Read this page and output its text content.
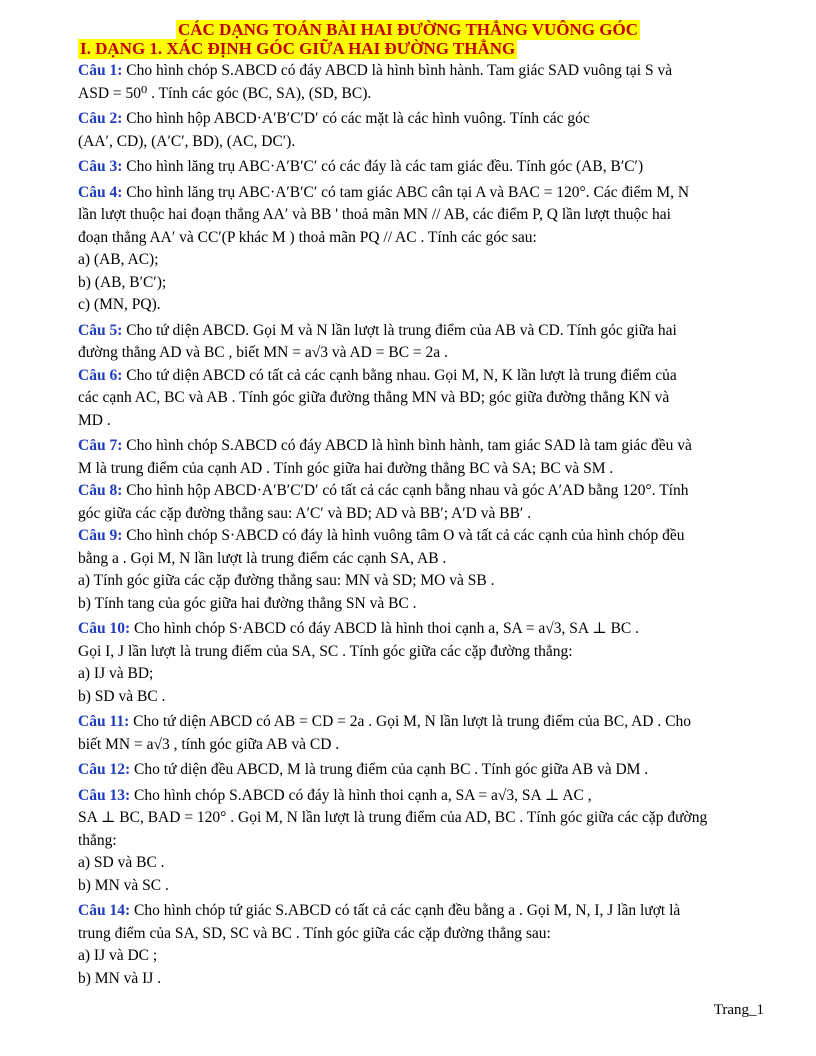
CÁC DẠNG TOÁN BÀI HAI ĐƯỜNG THẲNG VUÔNG GÓC
I. DẠNG 1. XÁC ĐỊNH GÓC GIỮA HAI ĐƯỜNG THẲNG

Câu 1: Cho hình chóp S.ABCD có đáy ABCD là hình bình hành. Tam giác SAD vuông tại S và

ASD = 50⁰ . Tính các góc (BC, SA), (SD, BC).

Câu 2: Cho hình hộp ABCD·A′B′C′D′ có các mặt là các hình vuông. Tính các góc

(AA′, CD), (A′C′, BD), (AC, DC′).

Câu 3: Cho hình lăng trụ ABC·A′B′C′ có các đáy là các tam giác đều. Tính góc (AB, B′C′)

Câu 4: Cho hình lăng trụ ABC·A′B′C′ có tam giác ABC cân tại A và BAC = 120°. Các điểm M, N

lần lượt thuộc hai đoạn thẳng AA′ và BB ' thoả mãn MN // AB, các điểm P, Q lần lượt thuộc hai

đoạn thẳng AA′ và CC′(P khác M ) thoả mãn PQ // AC . Tính các góc sau:

a) (AB, AC);

b) (AB, B′C′);

c) (MN, PQ).

Câu 5: Cho tứ diện ABCD. Gọi M và N lần lượt là trung điểm của AB và CD. Tính góc giữa hai

đường thẳng AD và BC , biết MN = a√3 và AD = BC = 2a .

Câu 6: Cho tứ diện ABCD có tất cả các cạnh bằng nhau. Gọi M, N, K lần lượt là trung điểm của

các cạnh AC, BC và AB . Tính góc giữa đường thẳng MN và BD; góc giữa đường thẳng KN và

MD .

Câu 7: Cho hình chóp S.ABCD có đáy ABCD là hình bình hành, tam giác SAD là tam giác đều và

M là trung điểm của cạnh AD . Tính góc giữa hai đường thẳng BC và SA; BC và SM .

Câu 8: Cho hình hộp ABCD·A′B′C′D′ có tất cả các cạnh bằng nhau và góc A′AD bằng 120°. Tính

góc giữa các cặp đường thẳng sau: A′C′ và BD; AD và BB′; A′D và BB′ .

Câu 9: Cho hình chóp S·ABCD có đáy là hình vuông tâm O và tất cả các cạnh của hình chóp đều

bằng a . Gọi M, N lần lượt là trung điểm các cạnh SA, AB .

a) Tính góc giữa các cặp đường thẳng sau: MN và SD; MO và SB .

b) Tính tang của góc giữa hai đường thẳng SN và BC .

Câu 10: Cho hình chóp S·ABCD có đáy ABCD là hình thoi cạnh a, SA = a√3, SA ⊥ BC .

Gọi I, J lần lượt là trung điểm của SA, SC . Tính góc giữa các cặp đường thẳng:

a) IJ và BD;

b) SD và BC .

Câu 11: Cho tứ diện ABCD có AB = CD = 2a . Gọi M, N lần lượt là trung điểm của BC, AD . Cho

biết MN = a√3 , tính góc giữa AB và CD .

Câu 12: Cho tứ diện đều ABCD, M là trung điểm của cạnh BC . Tính góc giữa AB và DM .

Câu 13: Cho hình chóp S.ABCD có đáy là hình thoi cạnh a, SA = a√3, SA ⊥ AC ,

SA ⊥ BC, BAD = 120° . Gọi M, N lần lượt là trung điểm của AD, BC . Tính góc giữa các cặp đường

thẳng:

a) SD và BC .

b) MN và SC .

Câu 14: Cho hình chóp tứ giác S.ABCD có tất cả các cạnh đều bằng a . Gọi M, N, I, J lần lượt là

trung điểm của SA, SD, SC và BC . Tính góc giữa các cặp đường thẳng sau:

a) IJ và DC ;

b) MN và IJ .

Trang_1
